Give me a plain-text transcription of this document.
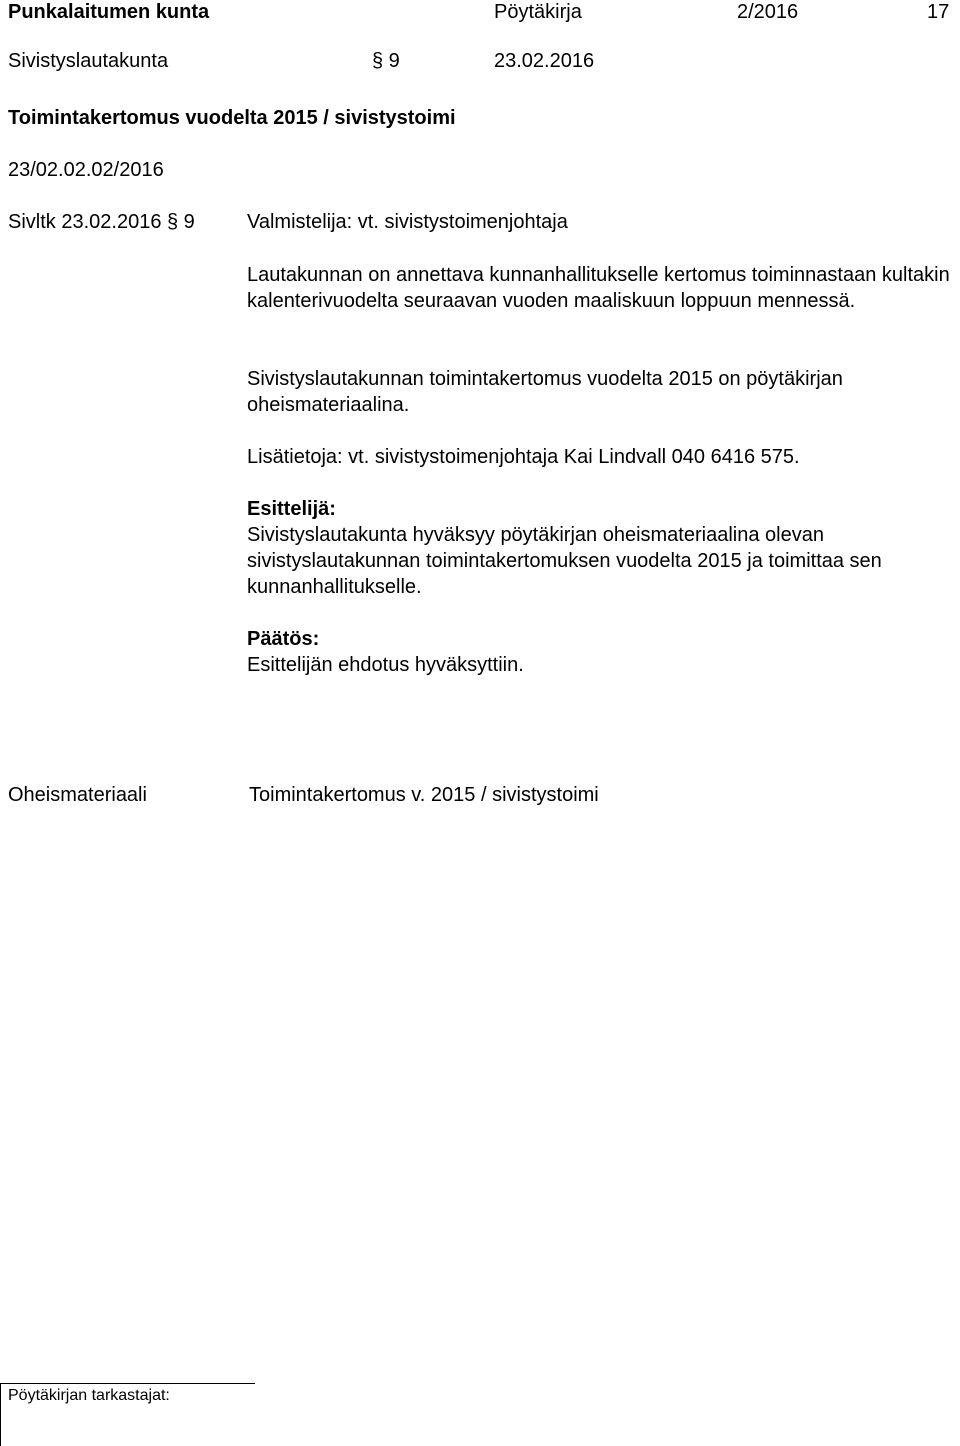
Punkalaitumen kunta	Pöytäkirja	2/2016	17
Sivistyslautakunta	§ 9	23.02.2016
Toimintakertomus vuodelta 2015 / sivistystoimi
23/02.02.02/2016
Sivltk 23.02.2016 § 9	Valmistelija: vt. sivistystoimenjohtaja

Lautakunnan on annettava kunnanhallitukselle kertomus toiminnastaan kultakin kalenterivuodelta seuraavan vuoden maaliskuun loppuun mennessä.

Sivistyslautakunnan toimintakertomus vuodelta 2015 on pöytäkirjan oheismateriaalina.

Lisätietoja: vt. sivistystoimenjohtaja Kai Lindvall 040 6416 575.

Esittelijä:

Sivistyslautakunta hyväksyy pöytäkirjan oheismateriaalina olevan sivistyslautakunnan toimintakertomuksen vuodelta 2015 ja toimittaa sen kunnanhallitukselle.

Päätös:

Esittelijän ehdotus hyväksyttiin.

Oheismateriaali	Toimintakertomus v. 2015 / sivistystoimi
Pöytäkirjan tarkastajat:
